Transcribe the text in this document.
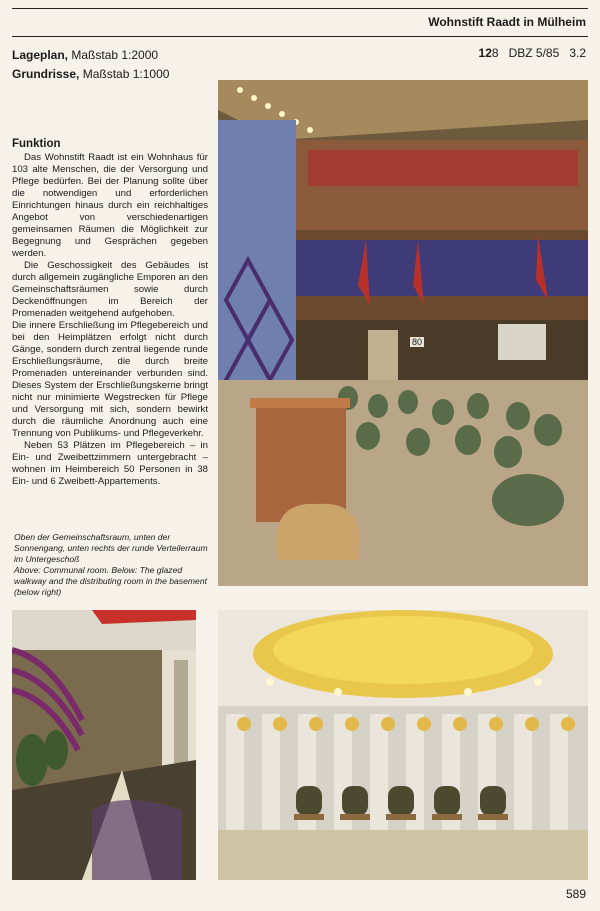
Wohnstift Raadt in Mülheim
Lageplan, Maßstab 1:2000
Grundrisse, Maßstab 1:1000
128 DBZ 5/85 3.2
Funktion

Das Wohnstift Raadt ist ein Wohnhaus für 103 alte Menschen, die der Versorgung und Pflege bedürfen. Bei der Planung sollte über die notwendigen und erforderlichen Einrichtungen hinaus durch ein reichhaltiges Angebot von verschiedenartigen gemeinsamen Räumen die Möglichkeit zur Begegnung und Gesprächen gegeben werden.

Die Geschossigkeit des Gebäudes ist durch allgemein zugängliche Emporen an den Gemeinschaftsräumen sowie durch Deckenöffnungen im Bereich der Promenaden weitgehend aufgehoben.

Die innere Erschließung im Pflegebereich und bei den Heimplätzen erfolgt nicht durch Gänge, sondern durch zentral liegende runde Erschließungsräume, die durch breite Promenaden untereinander verbunden sind. Dieses System der Erschließungskerne bringt nicht nur minimierte Wegstrecken für Pflege und Versorgung mit sich, sondern bewirkt durch die räumliche Anordnung auch eine Trennung von Publikums- und Pflegeverkehr.

Neben 53 Plätzen im Pflegebereich – in Ein- und Zweibettzimmern untergebracht – wohnen im Heimbereich 50 Personen in 38 Ein- und 6 Zweibett-Appartements.

Oben der Gemeinschaftsraum, unten der Sonnengang, unten rechts der runde Verteilerraum im Untergeschoß
Above: Communal room. Below: The glazed walkway and the distributing room in the basement (below right)
80
589
